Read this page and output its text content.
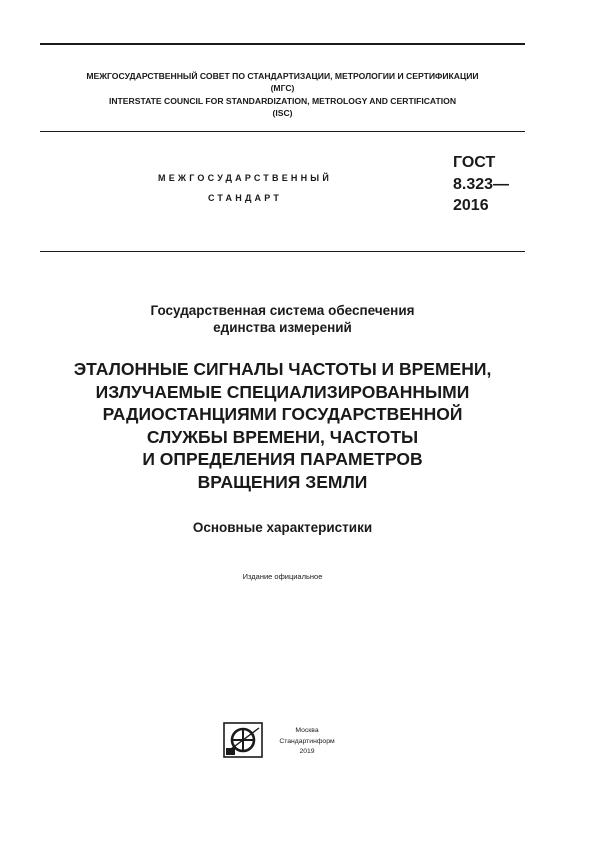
МЕЖГОСУДАРСТВЕННЫЙ СОВЕТ ПО СТАНДАРТИЗАЦИИ, МЕТРОЛОГИИ И СЕРТИФИКАЦИИ
(МГС)
INTERSTATE COUNCIL FOR STANDARDIZATION, METROLOGY AND CERTIFICATION
(ISC)
МЕЖГОСУДАРСТВЕННЫЙ
СТАНДАРТ
ГОСТ
8.323—
2016
Государственная система обеспечения
единства измерений
ЭТАЛОННЫЕ СИГНАЛЫ ЧАСТОТЫ И ВРЕМЕНИ,
ИЗЛУЧАЕМЫЕ СПЕЦИАЛИЗИРОВАННЫМИ
РАДИОСТАНЦИЯМИ ГОСУДАРСТВЕННОЙ
СЛУЖБЫ ВРЕМЕНИ, ЧАСТОТЫ
И ОПРЕДЕЛЕНИЯ ПАРАМЕТРОВ
ВРАЩЕНИЯ ЗЕМЛИ
Основные характеристики
Издание официальное
Москва
Стандартинформ
2019
